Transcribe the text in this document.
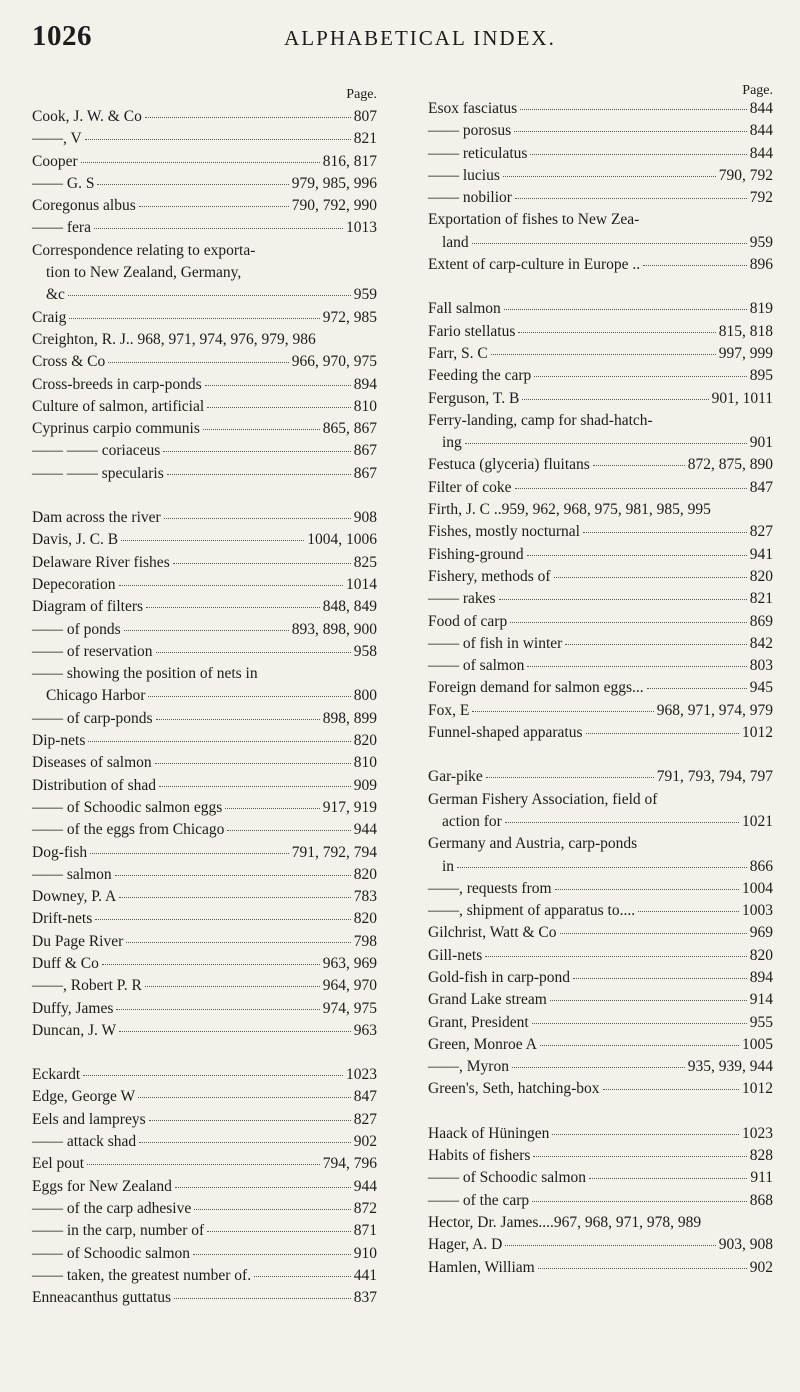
1026	ALPHABETICAL INDEX.
Page.
Cook, J. W. & Co	807
——, V	821
Cooper	816, 817
—— G. S	979, 985, 996
Coregonus albus	790, 792, 990
—— fera	1013
Correspondence relating to exporta-
tion to New Zealand, Germany,
&c	959
Craig	972, 985
Creighton, R. J.. 968, 971, 974, 976, 979, 986
Cross & Co	966, 970, 975
Cross-breeds in carp-ponds	894
Culture of salmon, artificial	810
Cyprinus carpio communis	865, 867
—— —— coriaceus	867
—— —— specularis	867
Dam across the river	908
Davis, J. C. B	1004, 1006
Delaware River fishes	825
Depecoration	1014
Diagram of filters	848, 849
—— of ponds	893, 898, 900
—— of reservation	958
—— showing the position of nets in
Chicago Harbor	800
—— of carp-ponds	898, 899
Dip-nets	820
Diseases of salmon	810
Distribution of shad	909
—— of Schoodic salmon eggs	917, 919
—— of the eggs from Chicago	944
Dog-fish	791, 792, 794
—— salmon	820
Downey, P. A	783
Drift-nets	820
Du Page River	798
Duff & Co	963, 969
——, Robert P. R	964, 970
Duffy, James	974, 975
Duncan, J. W	963
Eckardt	1023
Edge, George W	847
Eels and lampreys	827
—— attack shad	902
Eel pout	794, 796
Eggs for New Zealand	944
—— of the carp adhesive	872
—— in the carp, number of	871
—— of Schoodic salmon	910
—— taken, the greatest number of.	441
Enneacanthus guttatus	837
Page.
Esox fasciatus	844
—— porosus	844
—— reticulatus	844
—— lucius	790, 792
—— nobilior	792
Exportation of fishes to New Zea-
land	959
Extent of carp-culture in Europe ..	896
Fall salmon	819
Fario stellatus	815, 818
Farr, S. C	997, 999
Feeding the carp	895
Ferguson, T. B	901, 1011
Ferry-landing, camp for shad-hatch-
ing	901
Festuca (glyceria) fluitans	872, 875, 890
Filter of coke	847
Firth, J. C ..959, 962, 968, 975, 981, 985, 995
Fishes, mostly nocturnal	827
Fishing-ground	941
Fishery, methods of	820
—— rakes	821
Food of carp	869
—— of fish in winter	842
—— of salmon	803
Foreign demand for salmon eggs...	945
Fox, E	968, 971, 974, 979
Funnel-shaped apparatus	1012
Gar-pike	791, 793, 794, 797
German Fishery Association, field of
action for	1021
Germany and Austria, carp-ponds
in	866
——, requests from	1004
——, shipment of apparatus to....	1003
Gilchrist, Watt & Co	969
Gill-nets	820
Gold-fish in carp-pond	894
Grand Lake stream	914
Grant, President	955
Green, Monroe A	1005
——, Myron	935, 939, 944
Green's, Seth, hatching-box	1012
Haack of Hüningen	1023
Habits of fishers	828
—— of Schoodic salmon	911
—— of the carp	868
Hector, Dr. James....967, 968, 971, 978, 989
Hager, A. D	903, 908
Hamlen, William	902
